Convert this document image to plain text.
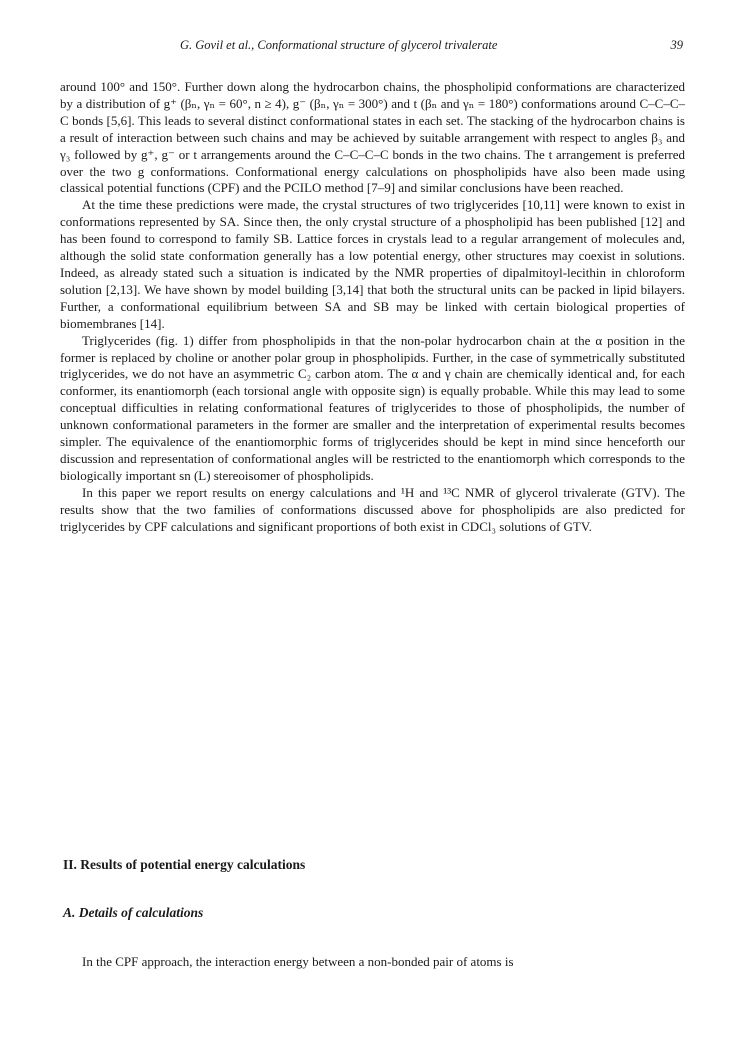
G. Govil et al., Conformational structure of glycerol trivalerate	39

around 100° and 150°. Further down along the hydrocarbon chains, the phospholipid conformations are characterized by a distribution of g⁺ (βₙ, γₙ = 60°, n ≥ 4), g⁻ (βₙ, γₙ = 300°) and t (βₙ and γₙ = 180°) conformations around C–C–C–C bonds [5,6]. This leads to several distinct conformational states in each set. The stacking of the hydrocarbon chains is a result of interaction between such chains and may be achieved by suitable arrangement with respect to angles β₃ and γ₃ followed by g⁺, g⁻ or t arrangements around the C–C–C–C bonds in the two chains. The t arrangement is preferred over the two g conformations. Conformational energy calculations on phospholipids have also been made using classical potential functions (CPF) and the PCILO method [7–9] and similar conclusions have been reached.

At the time these predictions were made, the crystal structures of two triglycerides [10,11] were known to exist in conformations represented by SA. Since then, the only crystal structure of a phospholipid has been published [12] and has been found to correspond to family SB. Lattice forces in crystals lead to a regular arrangement of molecules and, although the solid state conformation generally has a low potential energy, other structures may coexist in solutions. Indeed, as already stated such a situation is indicated by the NMR properties of dipalmitoyl-lecithin in chloroform solution [2,13]. We have shown by model building [3,14] that both the structural units can be packed in lipid bilayers. Further, a conformational equilibrium between SA and SB may be linked with certain biological properties of biomembranes [14].

Triglycerides (fig. 1) differ from phospholipids in that the non-polar hydrocarbon chain at the α position in the former is replaced by choline or another polar group in phospholipids. Further, in the case of symmetrically substituted triglycerides, we do not have an asymmetric C₂ carbon atom. The α and γ chain are chemically identical and, for each conformer, its enantiomorph (each torsional angle with opposite sign) is equally probable. While this may lead to some conceptual difficulties in relating conformational features of triglycerides to those of phospholipids, the number of unknown conformational parameters in the former are smaller and the interpretation of experimental results becomes simpler. The equivalence of the enantiomorphic forms of triglycerides should be kept in mind since henceforth our discussion and representation of conformational angles will be restricted to the enantiomorph which corresponds to the biologically important sn (L) stereoisomer of phospholipids.

In this paper we report results on energy calculations and ¹H and ¹³C NMR of glycerol trivalerate (GTV). The results show that the two families of conformations discussed above for phospholipids are also predicted for triglycerides by CPF calculations and significant proportions of both exist in CDCl₃ solutions of GTV.

II. Results of potential energy calculations
A. Details of calculations
In the CPF approach, the interaction energy between a non-bonded pair of atoms is
